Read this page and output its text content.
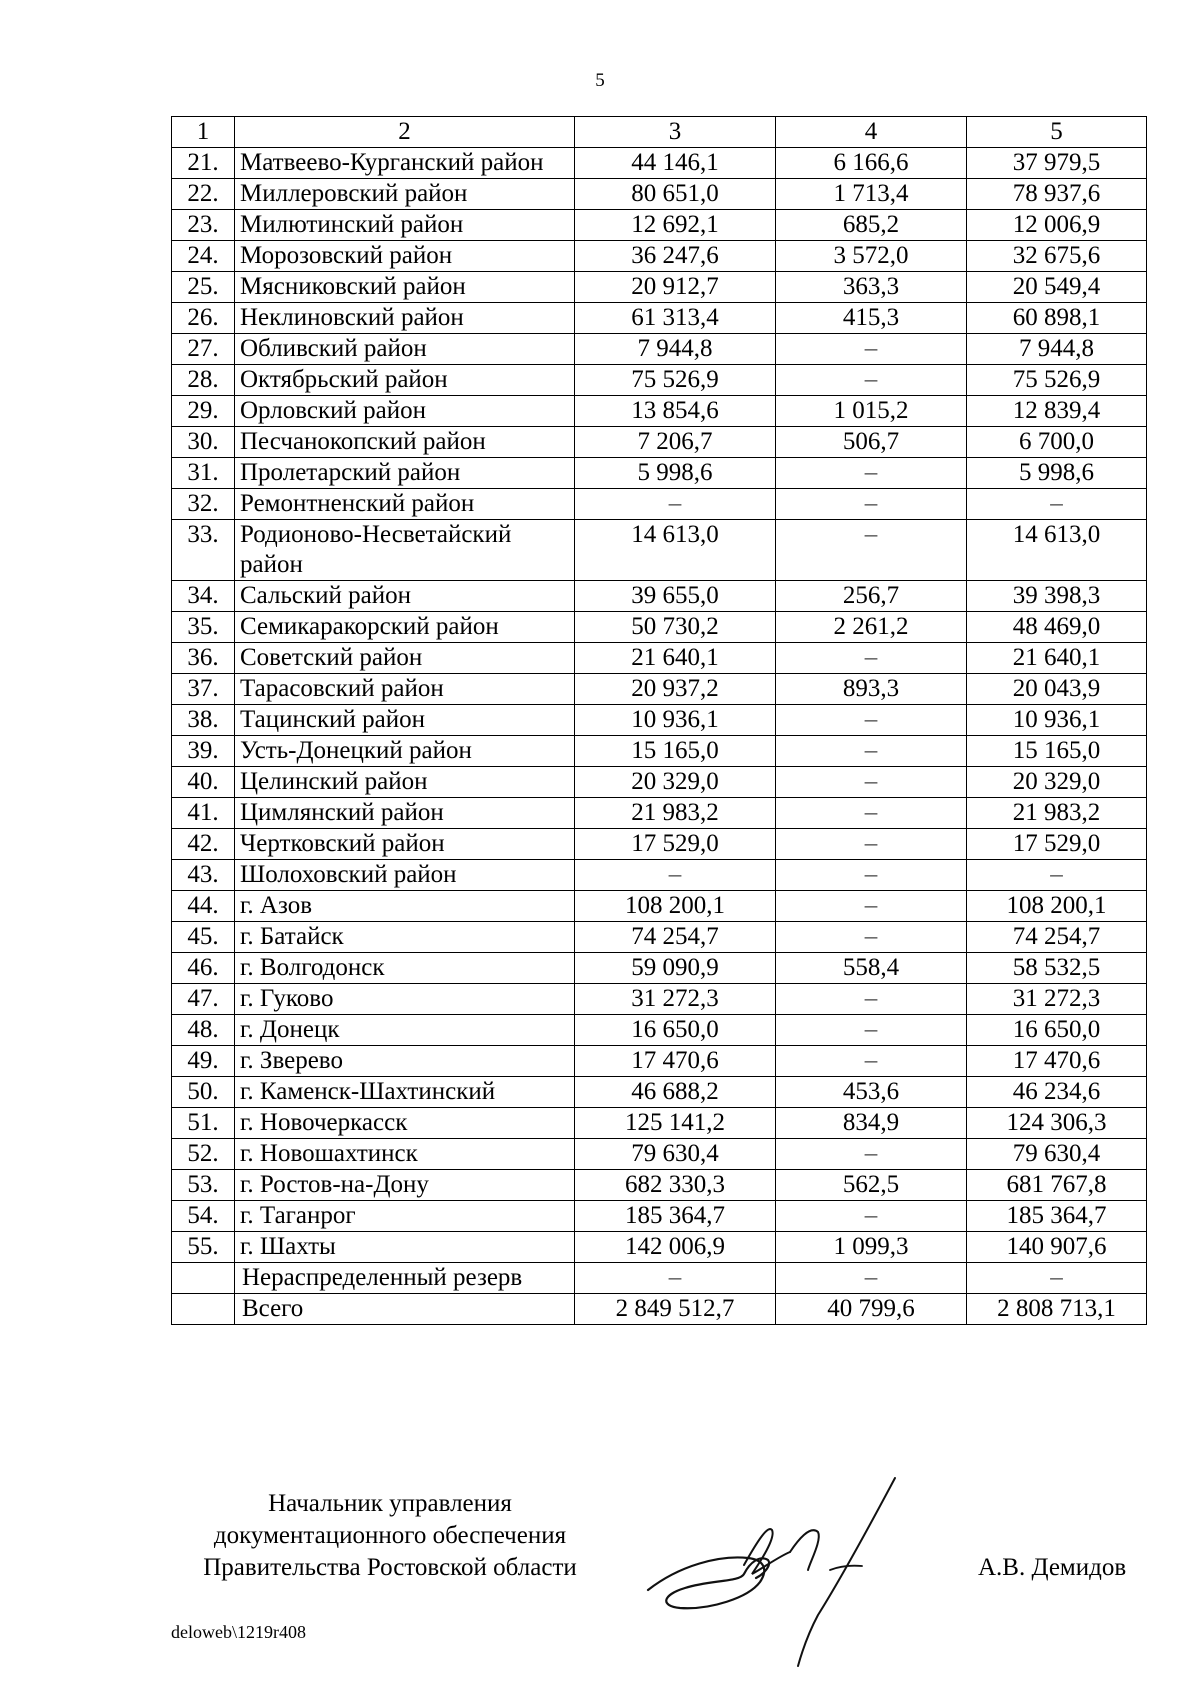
5
1	2	3	4	5
21.	Матвеево-Курганский район	44 146,1	6 166,6	37 979,5
22.	Миллеровский район	80 651,0	1 713,4	78 937,6
23.	Милютинский район	12 692,1	685,2	12 006,9
24.	Морозовский район	36 247,6	3 572,0	32 675,6
25.	Мясниковский район	20 912,7	363,3	20 549,4
26.	Неклиновский район	61 313,4	415,3	60 898,1
27.	Обливский район	7 944,8	–	7 944,8
28.	Октябрьский район	75 526,9	–	75 526,9
29.	Орловский район	13 854,6	1 015,2	12 839,4
30.	Песчанокопский район	7 206,7	506,7	6 700,0
31.	Пролетарский район	5 998,6	–	5 998,6
32.	Ремонтненский район	–	–	–
33.	Родионово-Несветайский район	14 613,0	–	14 613,0
34.	Сальский район	39 655,0	256,7	39 398,3
35.	Семикаракорский район	50 730,2	2 261,2	48 469,0
36.	Советский район	21 640,1	–	21 640,1
37.	Тарасовский район	20 937,2	893,3	20 043,9
38.	Тацинский район	10 936,1	–	10 936,1
39.	Усть-Донецкий район	15 165,0	–	15 165,0
40.	Целинский район	20 329,0	–	20 329,0
41.	Цимлянский район	21 983,2	–	21 983,2
42.	Чертковский район	17 529,0	–	17 529,0
43.	Шолоховский район	–	–	–
44.	г. Азов	108 200,1	–	108 200,1
45.	г. Батайск	74 254,7	–	74 254,7
46.	г. Волгодонск	59 090,9	558,4	58 532,5
47.	г. Гуково	31 272,3	–	31 272,3
48.	г. Донецк	16 650,0	–	16 650,0
49.	г. Зверево	17 470,6	–	17 470,6
50.	г. Каменск-Шахтинский	46 688,2	453,6	46 234,6
51.	г. Новочеркасск	125 141,2	834,9	124 306,3
52.	г. Новошахтинск	79 630,4	–	79 630,4
53.	г. Ростов-на-Дону	682 330,3	562,5	681 767,8
54.	г. Таганрог	185 364,7	–	185 364,7
55.	г. Шахты	142 006,9	1 099,3	140 907,6
	Нераспределенный резерв	–	–	–
	Всего	2 849 512,7	40 799,6	2 808 713,1
Начальник управления
документационного обеспечения
Правительства Ростовской области	А.В. Демидов
deloweb\1219r408
